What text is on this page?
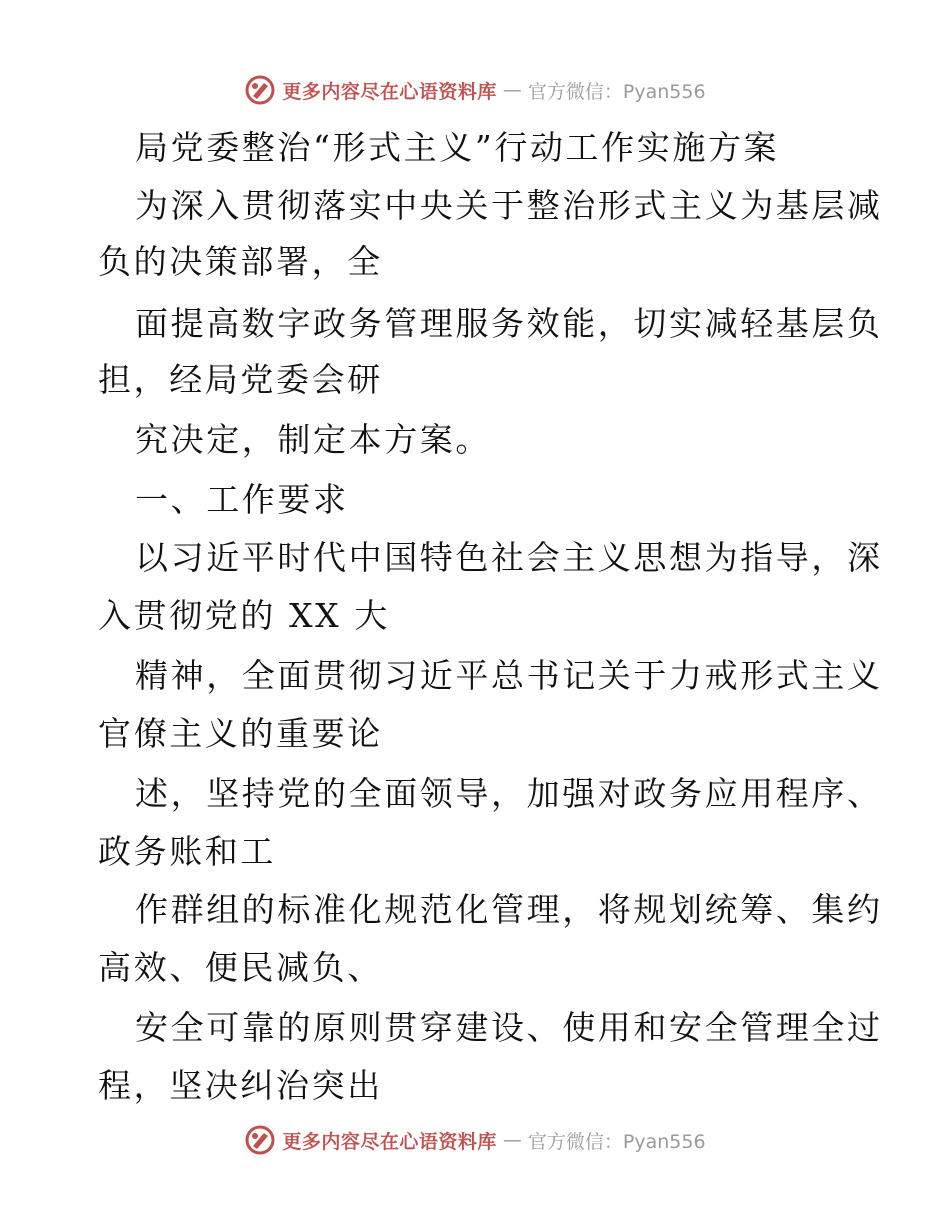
更多内容尽在心语资料库 — 官方微信：Pyan556
局党委整治“形式主义”行动工作实施方案
为深入贯彻落实中央关于整治形式主义为基层减
负的决策部署，全
面提高数字政务管理服务效能，切实减轻基层负
担，经局党委会研
究决定，制定本方案。
一、工作要求
以习近平时代中国特色社会主义思想为指导，深
入贯彻党的 XX 大
精神，全面贯彻习近平总书记关于力戒形式主义
官僚主义的重要论
述，坚持党的全面领导，加强对政务应用程序、
政务账和工
作群组的标准化规范化管理，将规划统筹、集约
高效、便民减负、
安全可靠的原则贯穿建设、使用和安全管理全过
程，坚决纠治突出
更多内容尽在心语资料库 — 官方微信：Pyan556
